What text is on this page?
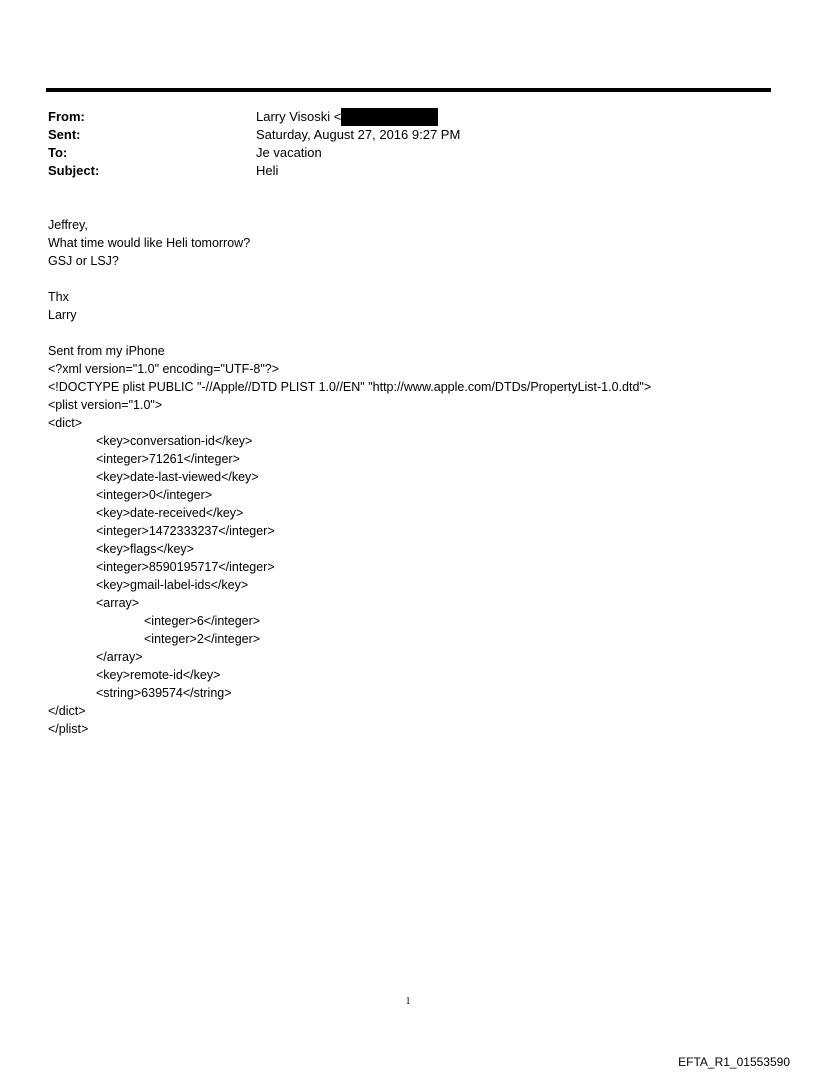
From:	Larry Visoski <
Sent:	Saturday, August 27, 2016 9:27 PM
To:	Je vacation
Subject:	Heli
Jeffrey,
What time would like Heli tomorrow?
GSJ or LSJ?
Thx
Larry
Sent from my iPhone
<?xml version="1.0" encoding="UTF-8"?>
<!DOCTYPE plist PUBLIC "-//Apple//DTD PLIST 1.0//EN" "http://www.apple.com/DTDs/PropertyList-1.0.dtd">
<plist version="1.0">
<dict>
<key>conversation-id</key>
<integer>71261</integer>
<key>date-last-viewed</key>
<integer>0</integer>
<key>date-received</key>
<integer>1472333237</integer>
<key>flags</key>
<integer>8590195717</integer>
<key>gmail-label-ids</key>
<array>
<integer>6</integer>
<integer>2</integer>
</array>
<key>remote-id</key>
<string>639574</string>
</dict>
</plist>
1
EFTA_R1_01553590
